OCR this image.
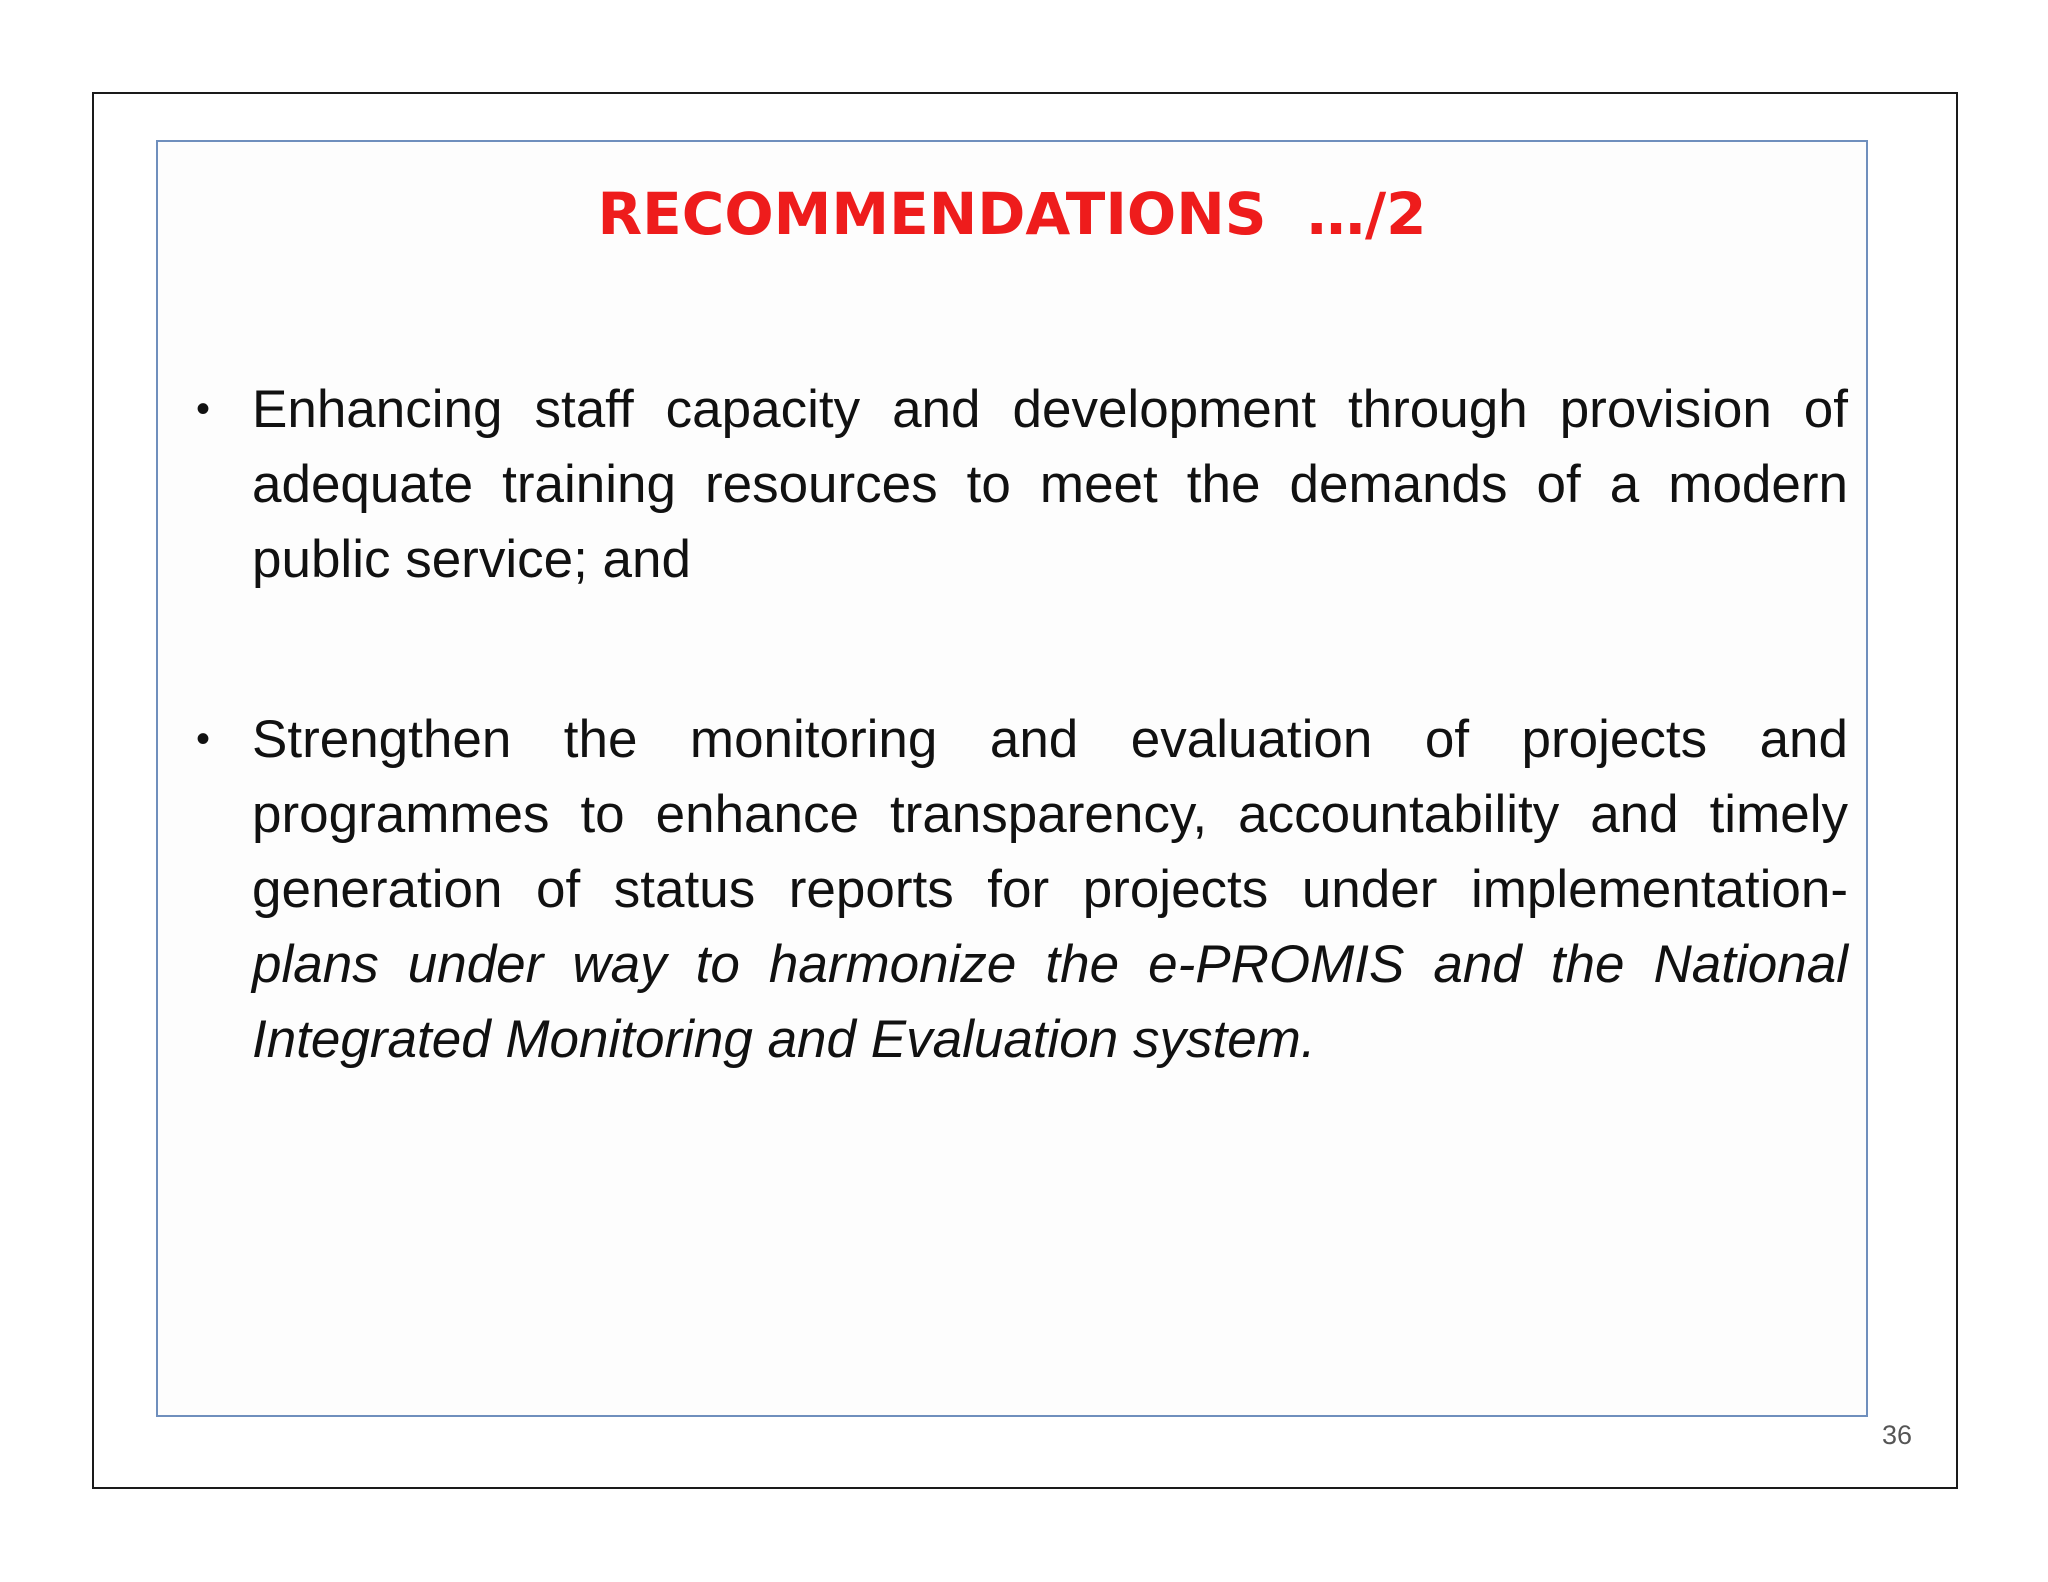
RECOMMENDATIONS  …/2
• Enhancing staff capacity and development through provision of adequate training resources to meet the demands of a modern public service; and
• Strengthen the monitoring and evaluation of projects and programmes to enhance transparency, accountability and timely generation of status reports for projects under implementation- plans under way to harmonize the e-PROMIS and the National Integrated Monitoring and Evaluation system.
36
